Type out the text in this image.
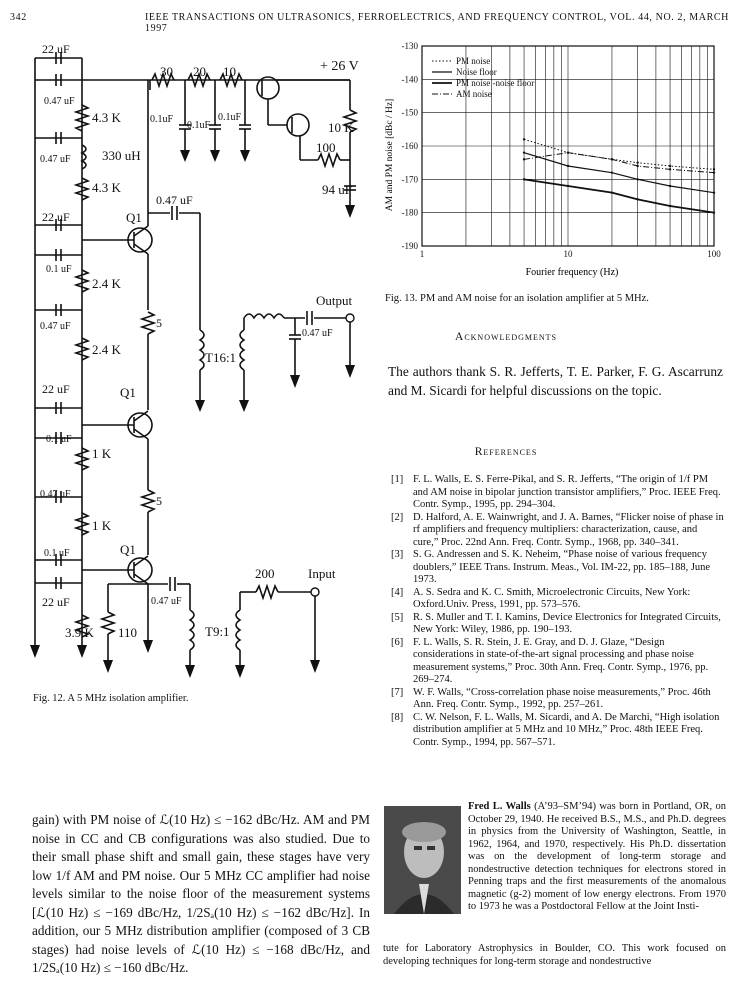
342	IEEE TRANSACTIONS ON ULTRASONICS, FERROELECTRICS, AND FREQUENCY CONTROL, VOL. 44, NO. 2, MARCH 1997
22 uF
0.47 uF
4.3 K
0.47 uF 330 uH
4.3 K
22 uF	Q1
0.47 uF
0.1 uF
2.4 K
0.47 uF	5
2.4 K
T16:1
Output
0.47 uF
22 uF	Q1
0.1 uF
1 K
0.47 uF	5
1 K
Q1
0.1 uF
22 uF	0.47 uF
200	Input
T9:1
3.9 K 110
30 20 10	+ 26 V
0.1uF
0.1uF
0.1uF
10 K
100
94 uF
Fig. 12. A 5 MHz isolation amplifier.
-130
-140
-150
-160
-170
-180
-190
1	10	100
PM noise
Noise floor
PM noise -noise floor
AM noise
AM and PM noise [dBc / Hz]
Fourier frequency (Hz)
Fig. 13. PM and AM noise for an isolation amplifier at 5 MHz.
Acknowledgments
The authors thank S. R. Jefferts, T. E. Parker, F. G. Ascarrunz and M. Sicardi for helpful discussions on the topic.
References
[1] F. L. Walls, E. S. Ferre-Pikal, and S. R. Jefferts, “The origin of 1/f PM and AM noise in bipolar junction transistor amplifiers,” Proc. IEEE Freq. Contr. Symp., 1995, pp. 294–304.
[2] D. Halford, A. E. Wainwright, and J. A. Barnes, “Flicker noise of phase in rf amplifiers and frequency multipliers: characterization, cause, and cure,” Proc. 22nd Ann. Freq. Contr. Symp., 1968, pp. 340–341.
[3] S. G. Andressen and S. K. Neheim, “Phase noise of various frequency doublers,” IEEE Trans. Instrum. Meas., Vol. IM-22, pp. 185–188, June 1973.
[4] A. S. Sedra and K. C. Smith, Microelectronic Circuits, New York: Oxford.Univ. Press, 1991, pp. 573–576.
[5] R. S. Muller and T. I. Kamins, Device Electronics for Integrated Circuits, New York: Wiley, 1986, pp. 190–193.
[6] F. L. Walls, S. R. Stein, J. E. Gray, and D. J. Glaze, “Design considerations in state-of-the-art signal processing and phase noise measurement systems,” Proc. 30th Ann. Freq. Contr. Symp., 1976, pp. 269–274.
[7] W. F. Walls, “Cross-correlation phase noise measurements,” Proc. 46th Ann. Freq. Contr. Symp., 1992, pp. 257–261.
[8] C. W. Nelson, F. L. Walls, M. Sicardi, and A. De Marchi, “High isolation distribution amplifier at 5 MHz and 10 MHz,” Proc. 48th IEEE Freq. Contr. Symp., 1994, pp. 567–571.
gain) with PM noise of ℒ(10 Hz) ≤ −162 dBc/Hz. AM and PM noise in CC and CB configurations was also studied. Due to their small phase shift and small gain, these stages have very low 1/f AM and PM noise. Our 5 MHz CC amplifier had noise levels similar to the noise floor of the measurement systems [ℒ(10 Hz) ≤ −169 dBc/Hz, 1/2Sₐ(10 Hz) ≤ −162 dBc/Hz]. In addition, our 5 MHz distribution amplifier (composed of 3 CB stages) had noise levels of ℒ(10 Hz) ≤ −168 dBc/Hz, and 1/2Sₐ(10 Hz) ≤ −160 dBc/Hz.
Fred L. Walls (A’93–SM’94) was born in Portland, OR, on October 29, 1940. He received B.S., M.S., and Ph.D. degrees in physics from the University of Washington, Seattle, in 1962, 1964, and 1970, respectively. His Ph.D. dissertation was on the development of long-term storage and nondestructive detection techniques for electrons stored in Penning traps and the first measurements of the anomalous magnetic (g-2) moment of low energy electrons. From 1970 to 1973 he was a Postdoctoral Fellow at the Joint Insti-
tute for Laboratory Astrophysics in Boulder, CO. This work focused on developing techniques for long-term storage and nondestructive
